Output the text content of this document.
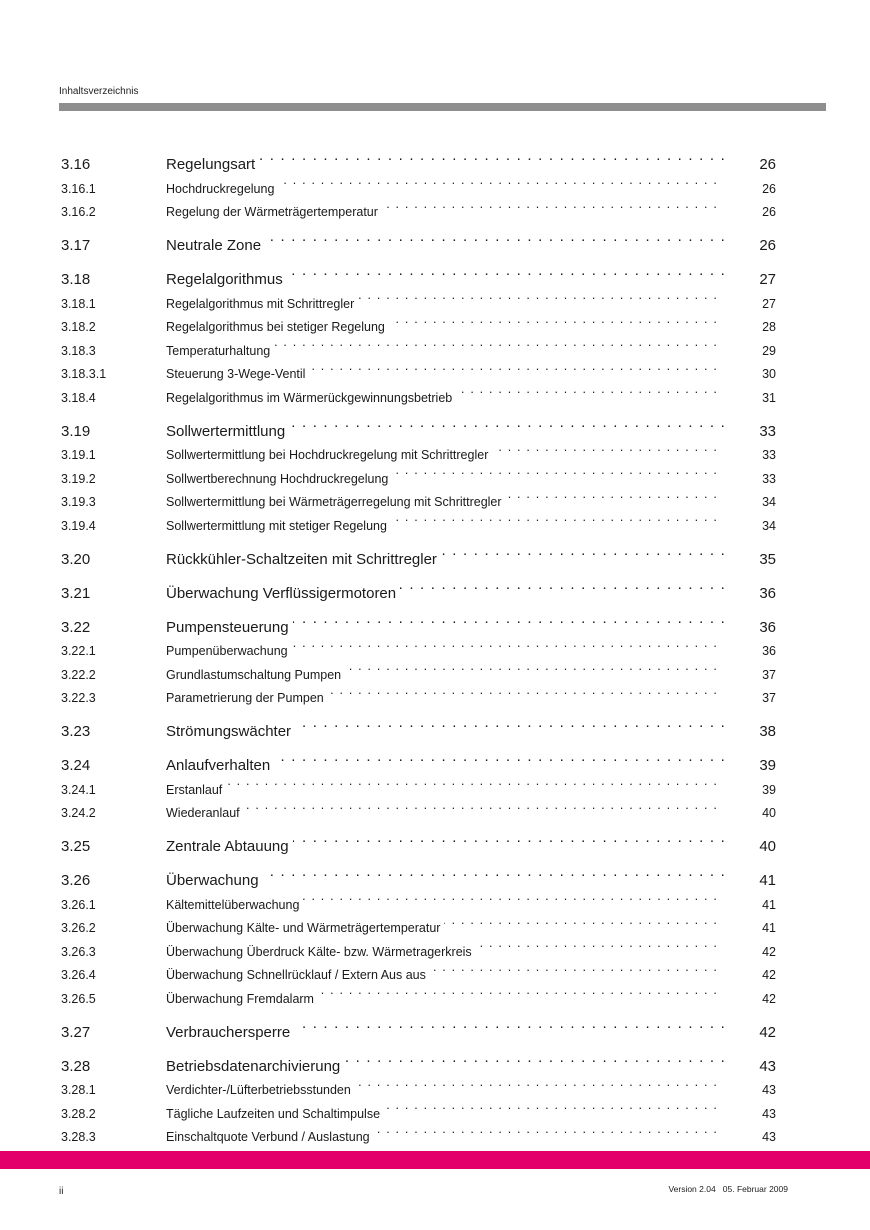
Inhaltsverzeichnis
3.16	Regelungsart . . .	26
3.16.1	Hochdruckregelung . . .	26
3.16.2	Regelung der Wärmeträgertemperatur . . .	26
3.17	Neutrale Zone . . .	26
3.18	Regelalgorithmus . . .	27
3.18.1	Regelalgorithmus mit Schrittregler . . .	27
3.18.2	Regelalgorithmus bei stetiger Regelung . . .	28
3.18.3	Temperaturhaltung . . .	29
3.18.3.1	Steuerung 3-Wege-Ventil . . .	30
3.18.4	Regelalgorithmus im Wärmerückgewinnungsbetrieb . . .	31
3.19	Sollwertermittlung . . .	33
3.19.1	Sollwertermittlung bei Hochdruckregelung mit Schrittregler . . .	33
3.19.2	Sollwertberechnung Hochdruckregelung . . .	33
3.19.3	Sollwertermittlung bei Wärmeträgerregelung mit Schrittregler . . .	34
3.19.4	Sollwertermittlung mit stetiger Regelung . . .	34
3.20	Rückkühler-Schaltzeiten mit Schrittregler . . .	35
3.21	Überwachung Verflüssigermotoren . . .	36
3.22	Pumpensteuerung . . .	36
3.22.1	Pumpenüberwachung . . .	36
3.22.2	Grundlastumschaltung Pumpen . . .	37
3.22.3	Parametrierung der Pumpen . . .	37
3.23	Strömungswächter . . .	38
3.24	Anlaufverhalten . . .	39
3.24.1	Erstanlauf . . .	39
3.24.2	Wiederanlauf . . .	40
3.25	Zentrale Abtauung . . .	40
3.26	Überwachung . . .	41
3.26.1	Kältemittelüberwachung . . .	41
3.26.2	Überwachung Kälte- und Wärmeträgertemperatur . . .	41
3.26.3	Überwachung Überdruck Kälte- bzw. Wärmetragerkreis . . .	42
3.26.4	Überwachung Schnellrücklauf / Extern Aus aus . . .	42
3.26.5	Überwachung Fremdalarm . . .	42
3.27	Verbrauchersperre . . .	42
3.28	Betriebsdatenarchivierung . . .	43
3.28.1	Verdichter-/Lüfterbetriebsstunden . . .	43
3.28.2	Tägliche Laufzeiten und Schaltimpulse . . .	43
3.28.3	Einschaltquote Verbund / Auslastung . . .	43
ii	Version 2.04   05. Februar 2009
